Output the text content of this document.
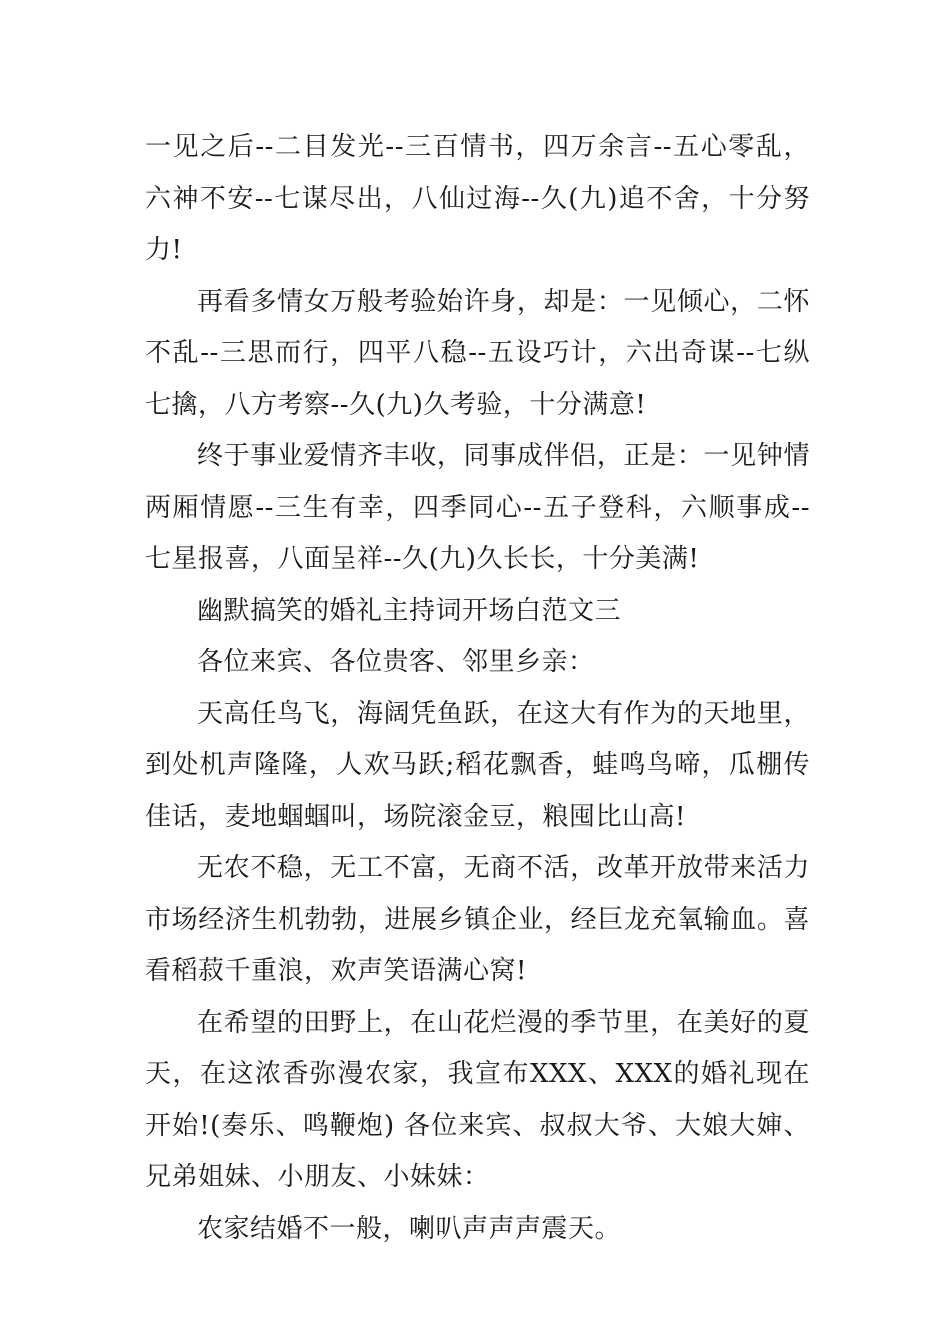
一见之后--二目发光--三百情书，四万余言--五心零乱，六神不安--七谋尽出，八仙过海--久(九)追不舍，十分努力!

再看多情女万般考验始许身，却是：一见倾心，二怀不乱--三思而行，四平八稳--五设巧计，六出奇谋--七纵七擒，八方考察--久(九)久考验，十分满意!

终于事业爱情齐丰收，同事成伴侣，正是：一见钟情两厢情愿--三生有幸，四季同心--五子登科，六顺事成--七星报喜，八面呈祥--久(九)久长长，十分美满!

幽默搞笑的婚礼主持词开场白范文三

各位来宾、各位贵客、邻里乡亲：

天高任鸟飞，海阔凭鱼跃，在这大有作为的天地里，到处机声隆隆，人欢马跃;稻花飘香，蛙鸣鸟啼，瓜棚传佳话，麦地蝈蝈叫，场院滚金豆，粮囤比山高!

无农不稳，无工不富，无商不活，改革开放带来活力市场经济生机勃勃，进展乡镇企业，经巨龙充氧输血。喜看稻菽千重浪，欢声笑语满心窝!

在希望的田野上，在山花烂漫的季节里，在美好的夏天，在这浓香弥漫农家，我宣布XXX、XXX的婚礼现在开始!(奏乐、鸣鞭炮) 各位来宾、叔叔大爷、大娘大婶、兄弟姐妹、小朋友、小妹妹：

农家结婚不一般，喇叭声声声震天。
